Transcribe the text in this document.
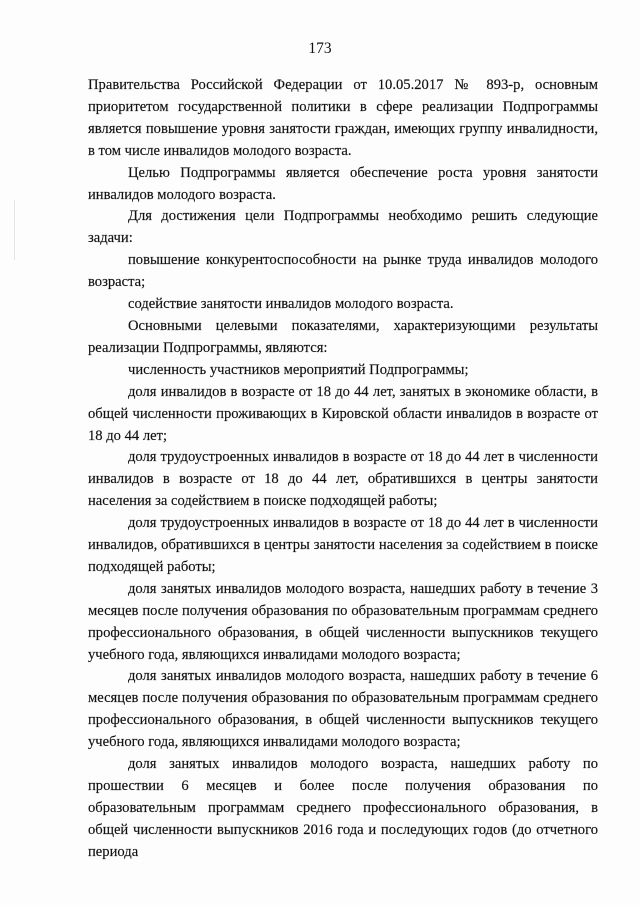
173

Правительства Российской Федерации от 10.05.2017 № 893-р, основным приоритетом государственной политики в сфере реализации Подпрограммы является повышение уровня занятости граждан, имеющих группу инвалидности, в том числе инвалидов молодого возраста.

Целью Подпрограммы является обеспечение роста уровня занятости инвалидов молодого возраста.

Для достижения цели Подпрограммы необходимо решить следующие задачи:

повышение конкурентоспособности на рынке труда инвалидов молодого возраста;

содействие занятости инвалидов молодого возраста.

Основными целевыми показателями, характеризующими результаты реализации Подпрограммы, являются:

численность участников мероприятий Подпрограммы;

доля инвалидов в возрасте от 18 до 44 лет, занятых в экономике области, в общей численности проживающих в Кировской области инвалидов в возрасте от 18 до 44 лет;

доля трудоустроенных инвалидов в возрасте от 18 до 44 лет в численности инвалидов в возрасте от 18 до 44 лет, обратившихся в центры занятости населения за содействием в поиске подходящей работы;

доля трудоустроенных инвалидов в возрасте от 18 до 44 лет в численности инвалидов, обратившихся в центры занятости населения за содействием в поиске подходящей работы;

доля занятых инвалидов молодого возраста, нашедших работу в течение 3 месяцев после получения образования по образовательным программам среднего профессионального образования, в общей численности выпускников текущего учебного года, являющихся инвалидами молодого возраста;

доля занятых инвалидов молодого возраста, нашедших работу в течение 6 месяцев после получения образования по образовательным программам среднего профессионального образования, в общей численности выпускников текущего учебного года, являющихся инвалидами молодого возраста;

доля занятых инвалидов молодого возраста, нашедших работу по прошествии 6 месяцев и более после получения образования по образовательным программам среднего профессионального образования, в общей численности выпускников 2016 года и последующих годов (до отчетного периода
